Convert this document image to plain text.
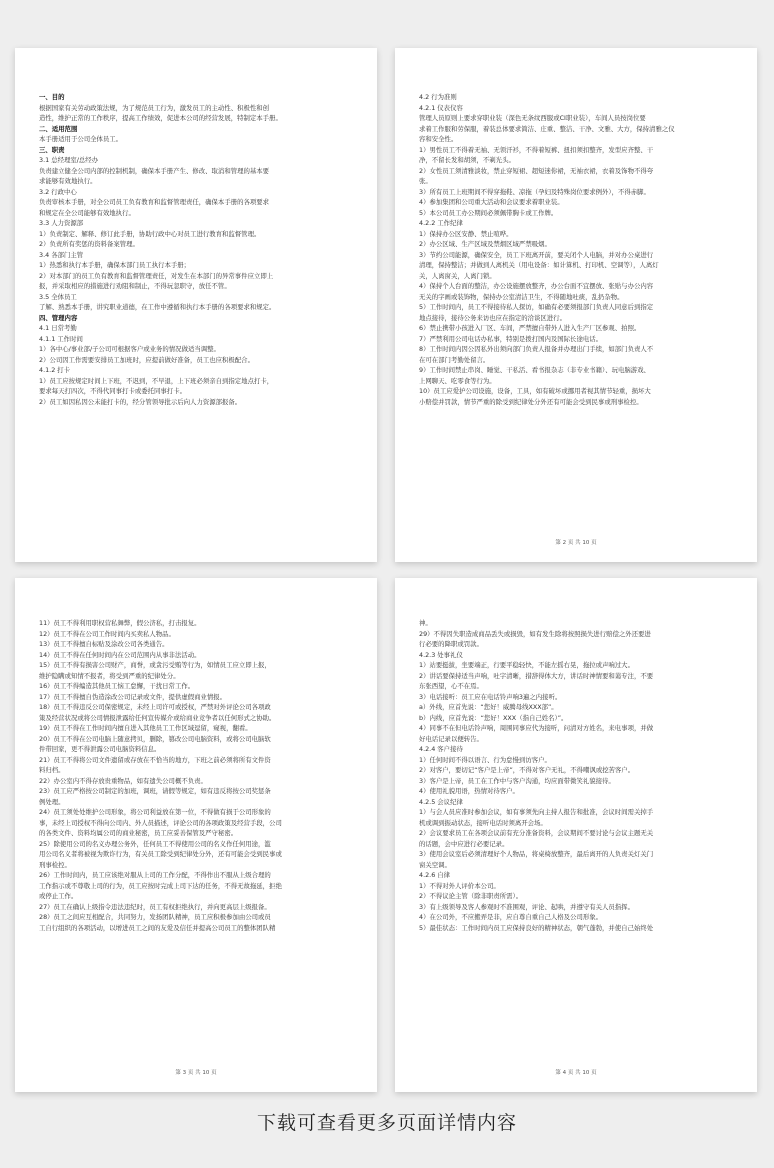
一、目的
根据国家有关劳动政策法规，为了规范员工行为，激发员工的主动性、积极性和创
造性，维护正常的工作秩序，提高工作绩效，促进本公司的经营发展，特制定本手册。
二、适用范围
本手册适用于公司全体员工。
三、职责
3.1 总经理室/总经办
负责建立健全公司内部的控制机制，确保本手册产生、修改、取消和管理的基本要
求能够有效地执行。
3.2 行政中心
负责审核本手册，对全公司员工负有教育和监督管理责任，确保本手册的各项要求
和规定在全公司能够有效地执行。
3.3 人力资源部
1）负责制定、解释、修订此手册，协助行政中心对员工进行教育和监督管理。
2）负责所有奖惩的资料备案管理。
3.4 各部门主管
1）热悉和执行本手册，确保本部门员工执行本手册；
2）对本部门的员工负有教育和监督管理责任，对发生在本部门的异常事件应立即上
报，并采取相应的措施进行劝阻和制止，不得玩忽职守，放任不管。
3.5 全体员工
了解、熟悉本手册，讲究职业道德，在工作中遵循和执行本手册的各项要求和规定。
四、管理内容
4.1 日常考勤
4.1.1 工作时间
1）各中心/事业部/子公司可根据客户或业务的情况做适当调整。
2）公司因工作需要安排员工加班时，应提前做好准备，员工也应积极配合。
4.1.2 打卡
1）员工应按规定时间上下班，不迟到，不早退，上下班必须亲自到指定地点打卡，
要求每天打四次，不得代同事打卡或委托同事打卡。
2）员工如因私因公未能打卡的，经分管领导批示后向人力资源部报备。
4.2 行为准则
4.2.1 仪表仪容
管理人员原则上要求穿职业装（深色无条纹西服或CI职业装），车间人员按岗位要
求着工作服和劳保服，着装总体要求简洁、庄重、整洁、干净、文雅、大方，保持清雅之仪
容和安全性。
1）男性员工不得着无袖、无领汗衫，不得着短裤、扭扣须扣整齐，发型应齐整、干
净，不留长发和胡须，不剃光头。
2）女性员工须清雅淡妆，禁止穿短裙、超短迷你裙，无袖衣裙，衣着及饰物不得夸
张。
3）所有员工上班期间不得穿拖鞋、凉拖（孕妇及特殊岗位要求例外），不得赤脚。
4）参加集团和公司重大活动和会议要求着职业装。
5）本公司员工办公期间必须佩带胸卡或工作牌。
4.2.2 工作纪律
1）保持办公区安静、禁止喧哗。
2）办公区域、生产区域及禁烟区域严禁吸烟。
3）节约公司能源，确保安全，员工下班离开前，要关闭个人电脑，并对办公桌进行
清理，保持整洁；并做到人离机关（用电设备：如计算机、打印机、空调等），人离灯
关，人离窗关，人离门锁。
4）保持个人台面的整洁，办公设施摆放整齐，办公台面不宜摆放、张贴与办公内容
无关的字画或装饰物，保持办公室清洁卫生，不得随地吐痰，乱扔杂物。
5）工作时间内，员工不得接待私人探访，如确有必要须报部门负责人同意后到指定
地点接待，接待公务来访也应在指定的洽谈区进行。
6）禁止携带小孩进入厂区、车间，严禁擅自带外人进入生产厂区参观、拍照。
7）严禁利用公司电话办私事，特别是拨打国内及国际长途电话。
8）工作时间内因公因私外出须向部门负责人报备并办理出门手续，如部门负责人不
在可在部门考勤处留言。
9）工作时间禁止串岗、睡觉、干私活、看书报杂志（非专业书籍）、玩电脑游戏、
上网聊天、吃零食等行为。
10）员工应爱护公司设施，设备，工具，如有破坏或挪用者视其情节轻重，损坏大
小赔偿并罚款，情节严重的除受到纪律处分外还有可能会受到民事或刑事检控。
第 2 页 共 10 页
11）员工不得利用职权营私舞弊，假公济私，打击报复。
12）员工不得在公司工作时间内买卖私人物品。
13）员工不得擅自标贴及涂改公司各类通告。
14）员工不得在任何时间内在公司范围内从事非法活动。
15）员工不得有损害公司财产，商誉，或贪污受贿等行为，如情员工应立即上报，
维护隐瞒或知情不报者，将受到严重的纪律处分。
16）员工不得编造其他员工恼工怠懈，干扰日常工作。
17）员工不得擅自伪造涂改公司记录或文件，提供虚假商业情报。
18）员工不得违反公司保密规定，未经上司许可或授权，严禁对外评论公司各项政
策及经营状况或将公司情报泄露给任何宣传媒介或给商业竞争者以任何形式之协助。
19）员工不得在工作时间内擅自进入其他员工工作区域逗留，窥视，翻看。
20）员工不得在公司电脑上随意拷贝，删除，篡改公司电脑资料，或将公司电脑软
件带回家，更不得泄露公司电脑资料信息。
21）员工不得将公司文件遗留或存放在不恰当的地方，下班之前必须将所有文件资
料归档。
22）办公室内不得存放贵重物品，如有遗失公司概不负责。
23）员工应严格按公司制定的加班，调班，请假等规定，如有违反将按公司奖惩条
例处理。
24）员工须处处维护公司形象，将公司利益放在第一位，不得做有损于公司形象的
事，未经上司授权不得向公司内、外人员描述，评论公司的各项政策及经营手段，公司
的各类文件、资料均属公司的商业秘密，员工应妥善保管及严守秘密。
25）除使用公司的名义办理公务外，任何员工不得使用公司的名义作任何用途，滥
用公司名义者将被视为欺诈行为，有关员工除受到纪律处分外，还有可能会受到民事或
刑事检控。
26）工作时间内，员工应该绝对服从上司的工作分配，不得作出不服从上级合理的
工作指示或不尊敬上司的行为，员工应按时完成上司下达的任务，不得无故拖延，拒绝
或停止工作。
27）员工在确认上级指令违法违纪时，员工有权拒绝执行，并向更高层上级报备。
28）员工之间应互相配合，共同努力，发扬团队精神，员工应积极参加由公司或员
工自行组织的各项活动，以增进员工之间的友爱及信任并提高公司员工的整体团队精
第 3 页 共 10 页
神。
29）不得因失职造成商品丢失或损毁，如有发生除将按照损失进行赔偿之外还要进
行必要的降职或罚款。
4.2.3 处事礼仪
1）站要挺拔，坐要端正，行要平稳轻快，不能左摇右晃，拖拉或声响过大。
2）讲话要保持适当声响，吐字清晰，措辞得体大方，讲话时神情要和蔼专注，不要
东张西望，心不在焉。
3）电话接听：员工应在电话铃声响3遍之内接听。
a）外线，应首先说：“您好！威腾母线XXX部”。
b）内线，应首先说：“您好！XXX（指自己姓名）”。
4）同事不在但电话铃声响，周围同事应代为接听，问清对方姓名，来电事项，并做
好电话记录以便转告。
4.2.4 客户接待
1）任何时间不得以语言、行为怠慢到访客户。
2）对客户，要切记“客户是上帝”，不得对客户无礼，不得嘲讽或挖苦客户。
3）客户是上帝，员工在工作中与客户沟通，均应面带微笑礼貌接待。
4）使用礼貌用语，热情对待客户。
4.2.5 会议纪律
1）与会人员应准时参加会议，如有事须先向主持人报告和批准，会议时间需关掉手
机或调到振动状态，接听电话时须离开会场。
2）会议要求员工在各项会议前有充分准备资料，会议期间不要讨论与会议主题无关
的话题，会中应进行必要记录。
3）使用会议室后必须清理好个人物品，将桌椅放整齐，最后离开的人负责关灯关门
窗关空调。
4.2.6 自律
1）不得对外人评价本公司。
2）不得议论主管（除非职责所需）。
3）有上级领导及客人参观时不准围观，评论、起哄，并遵守有关人员指挥。
4）在公司外，不应搬弄是非，应自尊自重自己人格及公司形象。
5）最佳状态：工作时间内员工应保持良好的精神状态，朝气蓬勃，并使自己始终处
第 4 页 共 10 页
下载可查看更多页面详情内容
